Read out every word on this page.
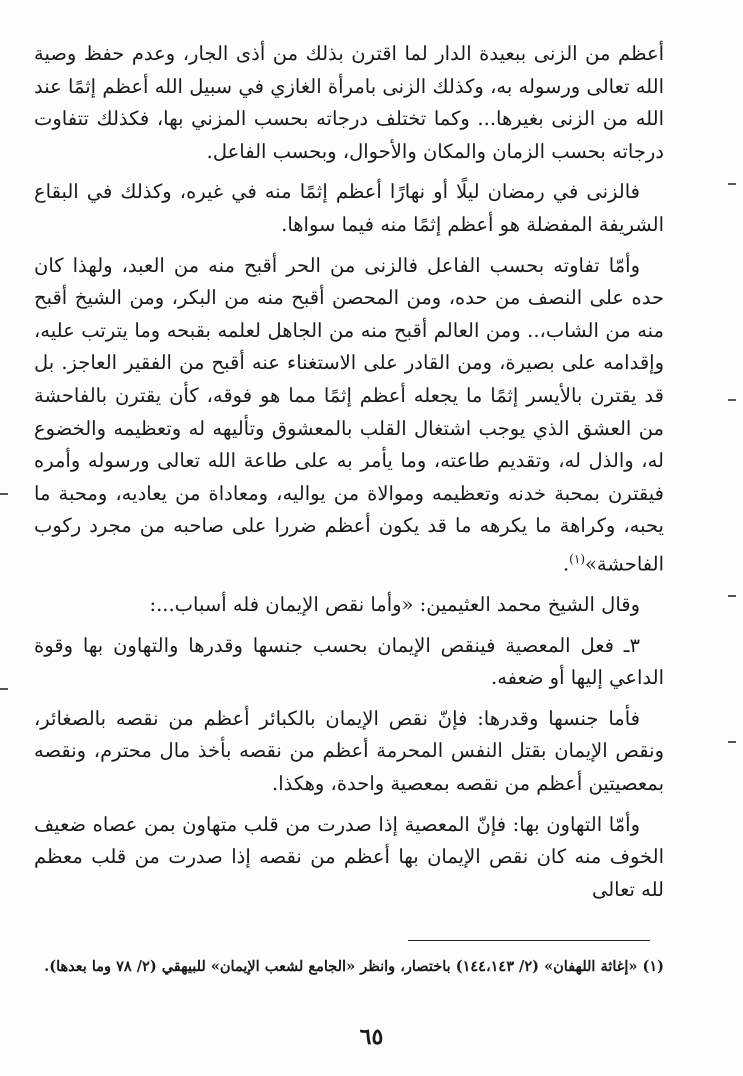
أعظم من الزنى ببعيدة الدار لما اقترن بذلك من أذى الجار، وعدم حفظ وصية الله تعالى ورسوله به، وكذلك الزنى بامرأة الغازي في سبيل الله أعظم إثمًا عند الله من الزنى بغيرها... وكما تختلف درجاته بحسب المزني بها، فكذلك تتفاوت درجاته بحسب الزمان والمكان والأحوال، وبحسب الفاعل.

فالزنى في رمضان ليلًا أو نهارًا أعظم إثمًا منه في غيره، وكذلك في البقاع الشريفة المفضلة هو أعظم إثمًا منه فيما سواها.

وأمّا تفاوته بحسب الفاعل فالزنى من الحر أقبح منه من العبد، ولهذا كان حده على النصف من حده، ومن المحصن أقبح منه من البكر، ومن الشيخ أقبح منه من الشاب،.. ومن العالم أقبح منه من الجاهل لعلمه بقبحه وما يترتب عليه، وإقدامه على بصيرة، ومن القادر على الاستغناء عنه أقبح من الفقير العاجز. بل قد يقترن بالأيسر إثمًا ما يجعله أعظم إثمًا مما هو فوقه، كأن يقترن بالفاحشة من العشق الذي يوجب اشتغال القلب بالمعشوق وتأليهه له وتعظيمه والخضوع له، والذل له، وتقديم طاعته، وما يأمر به على طاعة الله تعالى ورسوله وأمره فيقترن بمحبة خدنه وتعظيمه وموالاة من يواليه، ومعاداة من يعاديه، ومحبة ما يحبه، وكراهة ما يكرهه ما قد يكون أعظم ضررا على صاحبه من مجرد ركوب الفاحشة»$^{(١)}$.

وقال الشيخ محمد العثيمين: «وأما نقص الإيمان فله أسباب...:

٣ـ فعل المعصية فينقص الإيمان بحسب جنسها وقدرها والتهاون بها وقوة الداعي إليها أو ضعفه.

فأما جنسها وقدرها: فإنّ نقص الإيمان بالكبائر أعظم من نقصه بالصغائر، ونقص الإيمان بقتل النفس المحرمة أعظم من نقصه بأخذ مال محترم، ونقصه بمعصيتين أعظم من نقصه بمعصية واحدة، وهكذا.

وأمّا التهاون بها: فإنّ المعصية إذا صدرت من قلب متهاون بمن عصاه ضعيف الخوف منه كان نقص الإيمان بها أعظم من نقصه إذا صدرت من قلب معظم لله تعالى

(١) «إغاثة اللهفان» (٢/ ١٤٤،١٤٣) باختصار، وانظر «الجامع لشعب الإيمان» للبيهقي (٢/ ٧٨ وما بعدها).
٦٥
